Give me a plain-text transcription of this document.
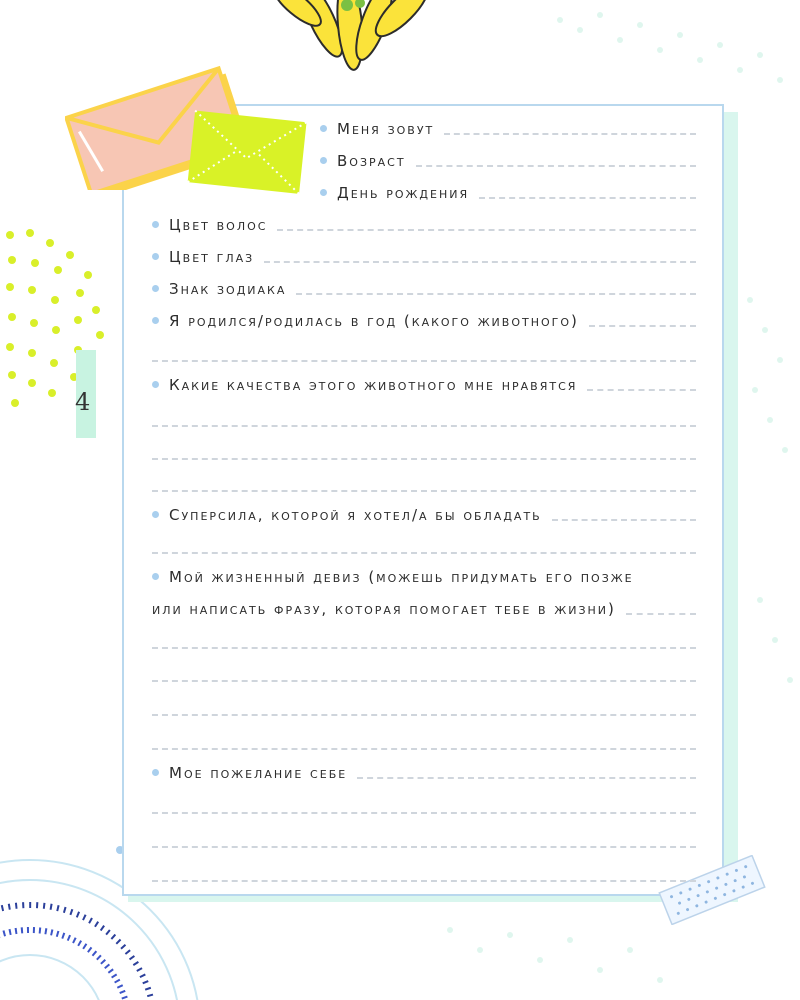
4
Меня зовут
Возраст
День рождения
Цвет волос
Цвет глаз
Знак зодиака
Я родился/родилась в год (какого животного)
Какие качества этого животного мне нравятся
Суперсила, которой я хотел/а бы обладать
Мой жизненный девиз (можешь придумать его позже
или написать фразу, которая помогает тебе в жизни)
Мое пожелание себе
